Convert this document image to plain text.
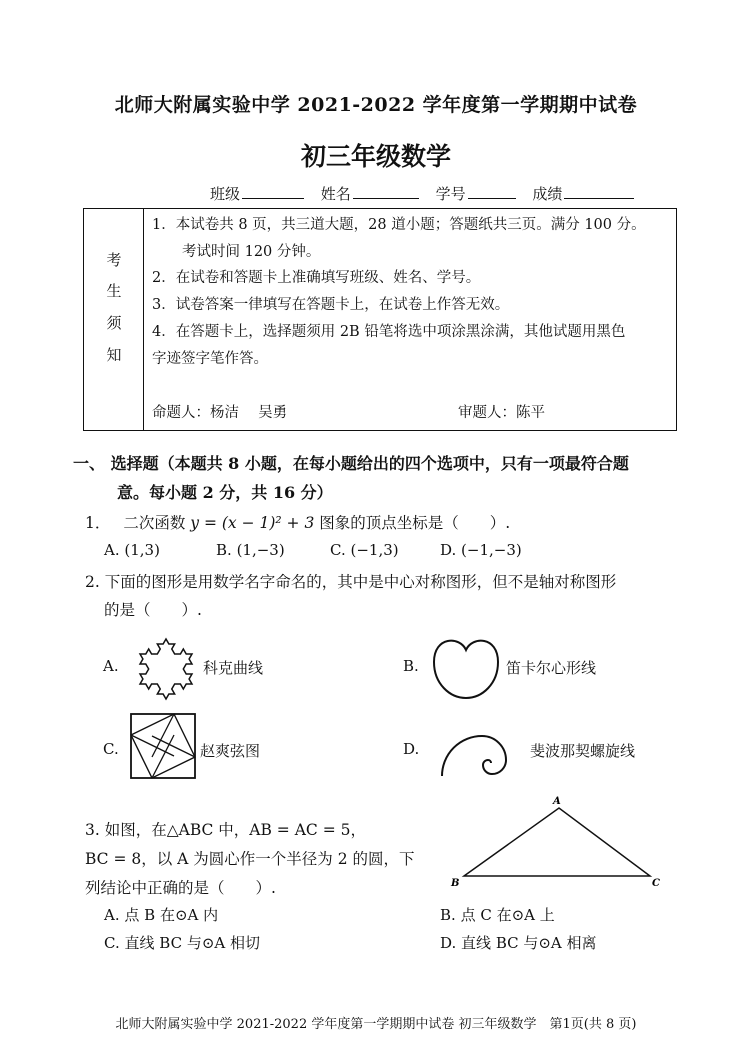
北师大附属实验中学 2021-2022 学年度第一学期期中试卷
初三年级数学
班级	姓名	学号	成绩
考
生
须
知
1．本试卷共 8 页，共三道大题，28 道小题；答题纸共三页。满分 100 分。
考试时间 120 分钟。
2．在试卷和答题卡上准确填写班级、姓名、学号。
3．试卷答案一律填写在答题卡上，在试卷上作答无效。
4．在答题卡上，选择题须用 2B 铅笔将选中项涂黑涂满，其他试题用黑色
字迹签字笔作答。
命题人：杨洁　 吴勇	审题人：陈平
一、 选择题（本题共 8 小题，在每小题给出的四个选项中，只有一项最符合题
意。每小题 2 分，共 16 分）
1． 二次函数 y = (x − 1)² + 3 图象的顶点坐标是（　　）.
A. (1,3)	B. (1,−3)	C. (−1,3)	D. (−1,−3)
2. 下面的图形是用数学名字命名的，其中是中心对称图形，但不是轴对称图形
的是（　　）.
A.	科克曲线	B.	笛卡尔心形线
C.	赵爽弦图	D.	斐波那契螺旋线
3. 如图，在△ABC 中，AB = AC = 5，
BC = 8，以 A 为圆心作一个半径为 2 的圆，下
列结论中正确的是（　　）.
A
B	C
A. 点 B 在⊙A 内	B. 点 C 在⊙A 上
C. 直线 BC 与⊙A 相切	D. 直线 BC 与⊙A 相离
北师大附属实验中学 2021-2022 学年度第一学期期中试卷 初三年级数学　第1页(共 8 页)
